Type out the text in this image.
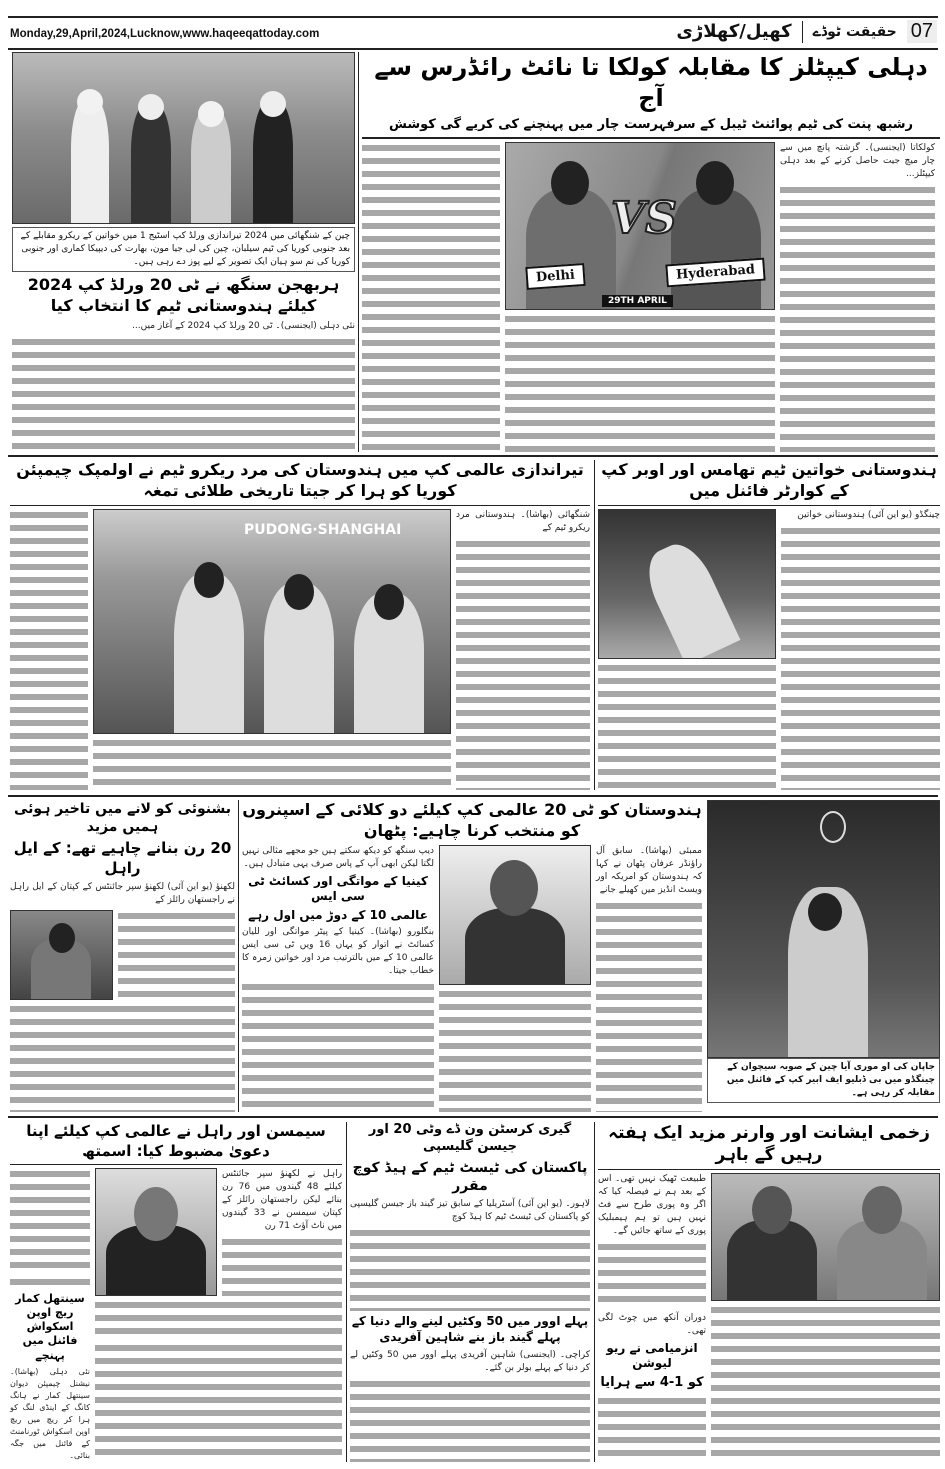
Monday,29,April,2024,Lucknow,www.haqeeqattoday.com	کھیل/کھلاڑی حقیقت ٹوڈے 07
چین کے شنگھائی میں 2024 تیراندازی ورلڈ کپ اسٹیج 1 میں خواتین کے ریکرو مقابلے کے بعد جنوبی کوریا کی ٹیم سیلبان، چین کی لی جیا مون، بھارت کی دیپیکا کماری اور جنوبی کوریا کی نم سو ہیان ایک تصویر کے لیے پوز دے رہی ہیں۔
ہربھجن سنگھ نے ٹی 20 ورلڈ کپ 2024 کیلئے ہندوستانی ٹیم کا انتخاب کیا
نئی دہلی (ایجنسی)۔ ٹی 20 ورلڈ کپ 2024 کے آغاز میں...
دہلی کیپٹلز کا مقابلہ کولکا تا نائٹ رائڈرس سے آج
رشبھ پنت کی ٹیم پوائنٹ ٹیبل کے سرفہرست چار میں پہنچنے کی کریے گی کوشش
VS
Delhi	Hyderabad
29TH APRIL
کولکاتا (ایجنسی)۔ گزشتہ پانچ میں سے چار میچ جیت حاصل کرنے کے بعد دہلی کیپٹلز...
تیراندازی عالمی کپ میں ہندوستان کی مرد ریکرو ٹیم نے اولمپک چیمپئن کوریا کو ہرا کر جیتا تاریخی طلائی تمغہ
PUDONG·SHANGHAI
شنگھائی (بھاشا)۔ ہندوستانی مرد ریکرو ٹیم کے
ہندوستانی خواتین ٹیم تھامس اور اوبر کپ کے کوارٹر فائنل میں
چینگڈو (یو این آئی) ہندوستانی خواتین
بشنوئی کو لانے میں تاخیر ہوئی ہمیں مزید
20 رن بنانے چاہیے تھے: کے ایل راہل
لکھنؤ (یو این آئی) لکھنؤ سپر جائنٹس کے کپتان کے ایل راہل نے راجستھان رائلز کے
ہندوستان کو ٹی 20 عالمی کپ کیلئے دو کلائی کے اسپنروں کو منتخب کرنا چاہیے: پٹھان
دیپ سنگھ کو دیکھ سکتے ہیں جو مجھے مثالی نہیں لگتا لیکن ابھی آپ کے پاس صرف یہی متبادل ہیں۔
کینیا کے مواتگی اور کسائٹ ٹی سی ایس
عالمی 10 کے دوڑ میں اول رہے
بنگلورو (بھاشا)۔ کینیا کے پیٹر مواتگی اور للیان کسائٹ نے اتوار کو یہاں 16 ویں ٹی سی ایس عالمی 10 کے میں بالترتیب مرد اور خواتین زمرہ کا خطاب جیتا۔
ممبئی (بھاشا)۔ سابق آل راؤنڈر عرفان پٹھان نے کہا کہ ہندوستان کو امریکہ اور ویسٹ انڈیز میں کھیلے جانے
جاپان کی او موری آیا چین کے صوبہ سیچوان کے چینگڈو میں بی ڈبلیو ایف ابیر کپ کے فائنل میں مقابلہ کر رہی ہے۔
سیمسن اور راہل نے عالمی کپ کیلئے اپنا دعویٰ مضبوط کیا: اسمتھ
سینتھل کمار ریچ اوپن اسکواش فائنل میں پہنچے
نئی دہلی (بھاشا)۔ نیشنل چیمپئن دیوان سینتھل کمار نے ہانگ کانگ کے اینڈی لنگ کو ہرا کر ریچ میں ریچ اوپن اسکواش ٹورنامنٹ کے فائنل میں جگہ بنائی۔
راہل نے لکھنؤ سپر جائنٹس کیلئے 48 گیندوں میں 76 رن بنائے لیکن راجستھان رائلز کے کپتان سیمسن نے 33 گیندوں میں ناٹ آؤٹ 71 رن
گیری کرسٹن ون ڈے وٹی 20 اور جیسن گلیسپی
پاکستان کی ٹیسٹ ٹیم کے ہیڈ کوچ مقرر
لاہور۔ (یو این آئی) آسٹریلیا کے سابق تیز گیند باز جیسن گلیسپی کو پاکستان کی ٹیسٹ ٹیم کا ہیڈ کوچ
پہلے اوور میں 50 وکٹیں لینے والے دنیا کے پہلے گیند باز بنے شاہین آفریدی
کراچی۔ (ایجنسی) شاہین آفریدی پہلے اوور میں 50 وکٹیں لے کر دنیا کے پہلے بولر بن گئے۔
زخمی ایشانت اور وارنر مزید ایک ہفتہ رہیں گے باہر
طبیعت ٹھیک نہیں تھی۔ اس کے بعد ہم نے فیصلہ کیا کہ اگر وہ پوری طرح سے فٹ نہیں ہیں تو ہم ہیمبلیک پوری کے ساتھ جائیں گے۔
دوران آنکھ میں چوٹ لگی تھی۔
انزمیامی نے ریو لیوشن
کو 1-4 سے ہرایا
